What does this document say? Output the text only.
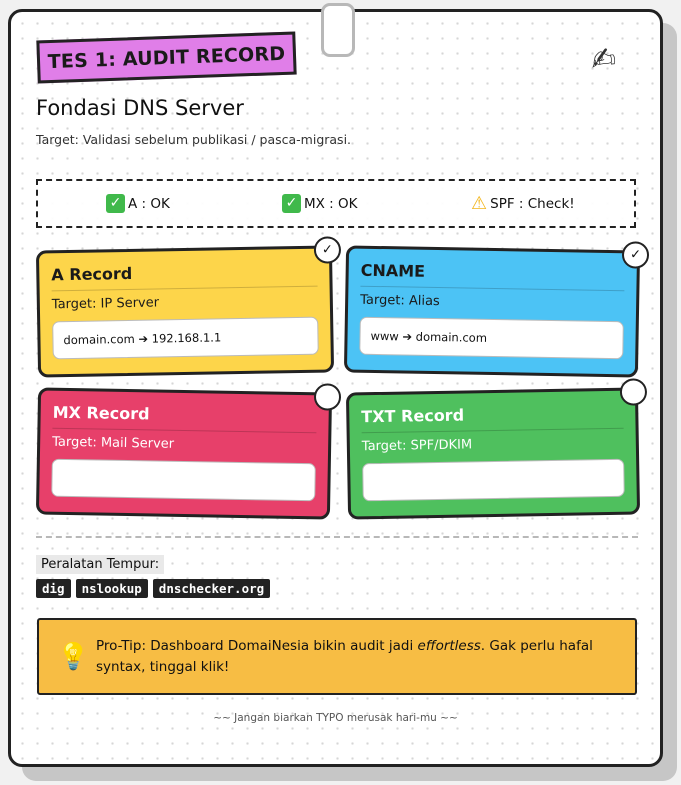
TES 1: AUDIT RECORD	✍
Fondasi DNS Server
Target: Validasi sebelum publikasi / pasca-migrasi.
✓ A : OK	✓ MX : OK	⚠ SPF : Check!
A Record
Target: IP Server
domain.com ➔ 192.168.1.1
✓
CNAME
Target: Alias
www ➔ domain.com
✓
MX Record
Target: Mail Server
TXT Record
Target: SPF/DKIM
Peralatan Tempur:
dig	nslookup	dnschecker.org
💡 Pro-Tip: Dashboard DomaiNesia bikin audit jadi effortless. Gak perlu hafal syntax, tinggal klik!
~~ Jangan biarkan TYPO merusak hari-mu ~~
